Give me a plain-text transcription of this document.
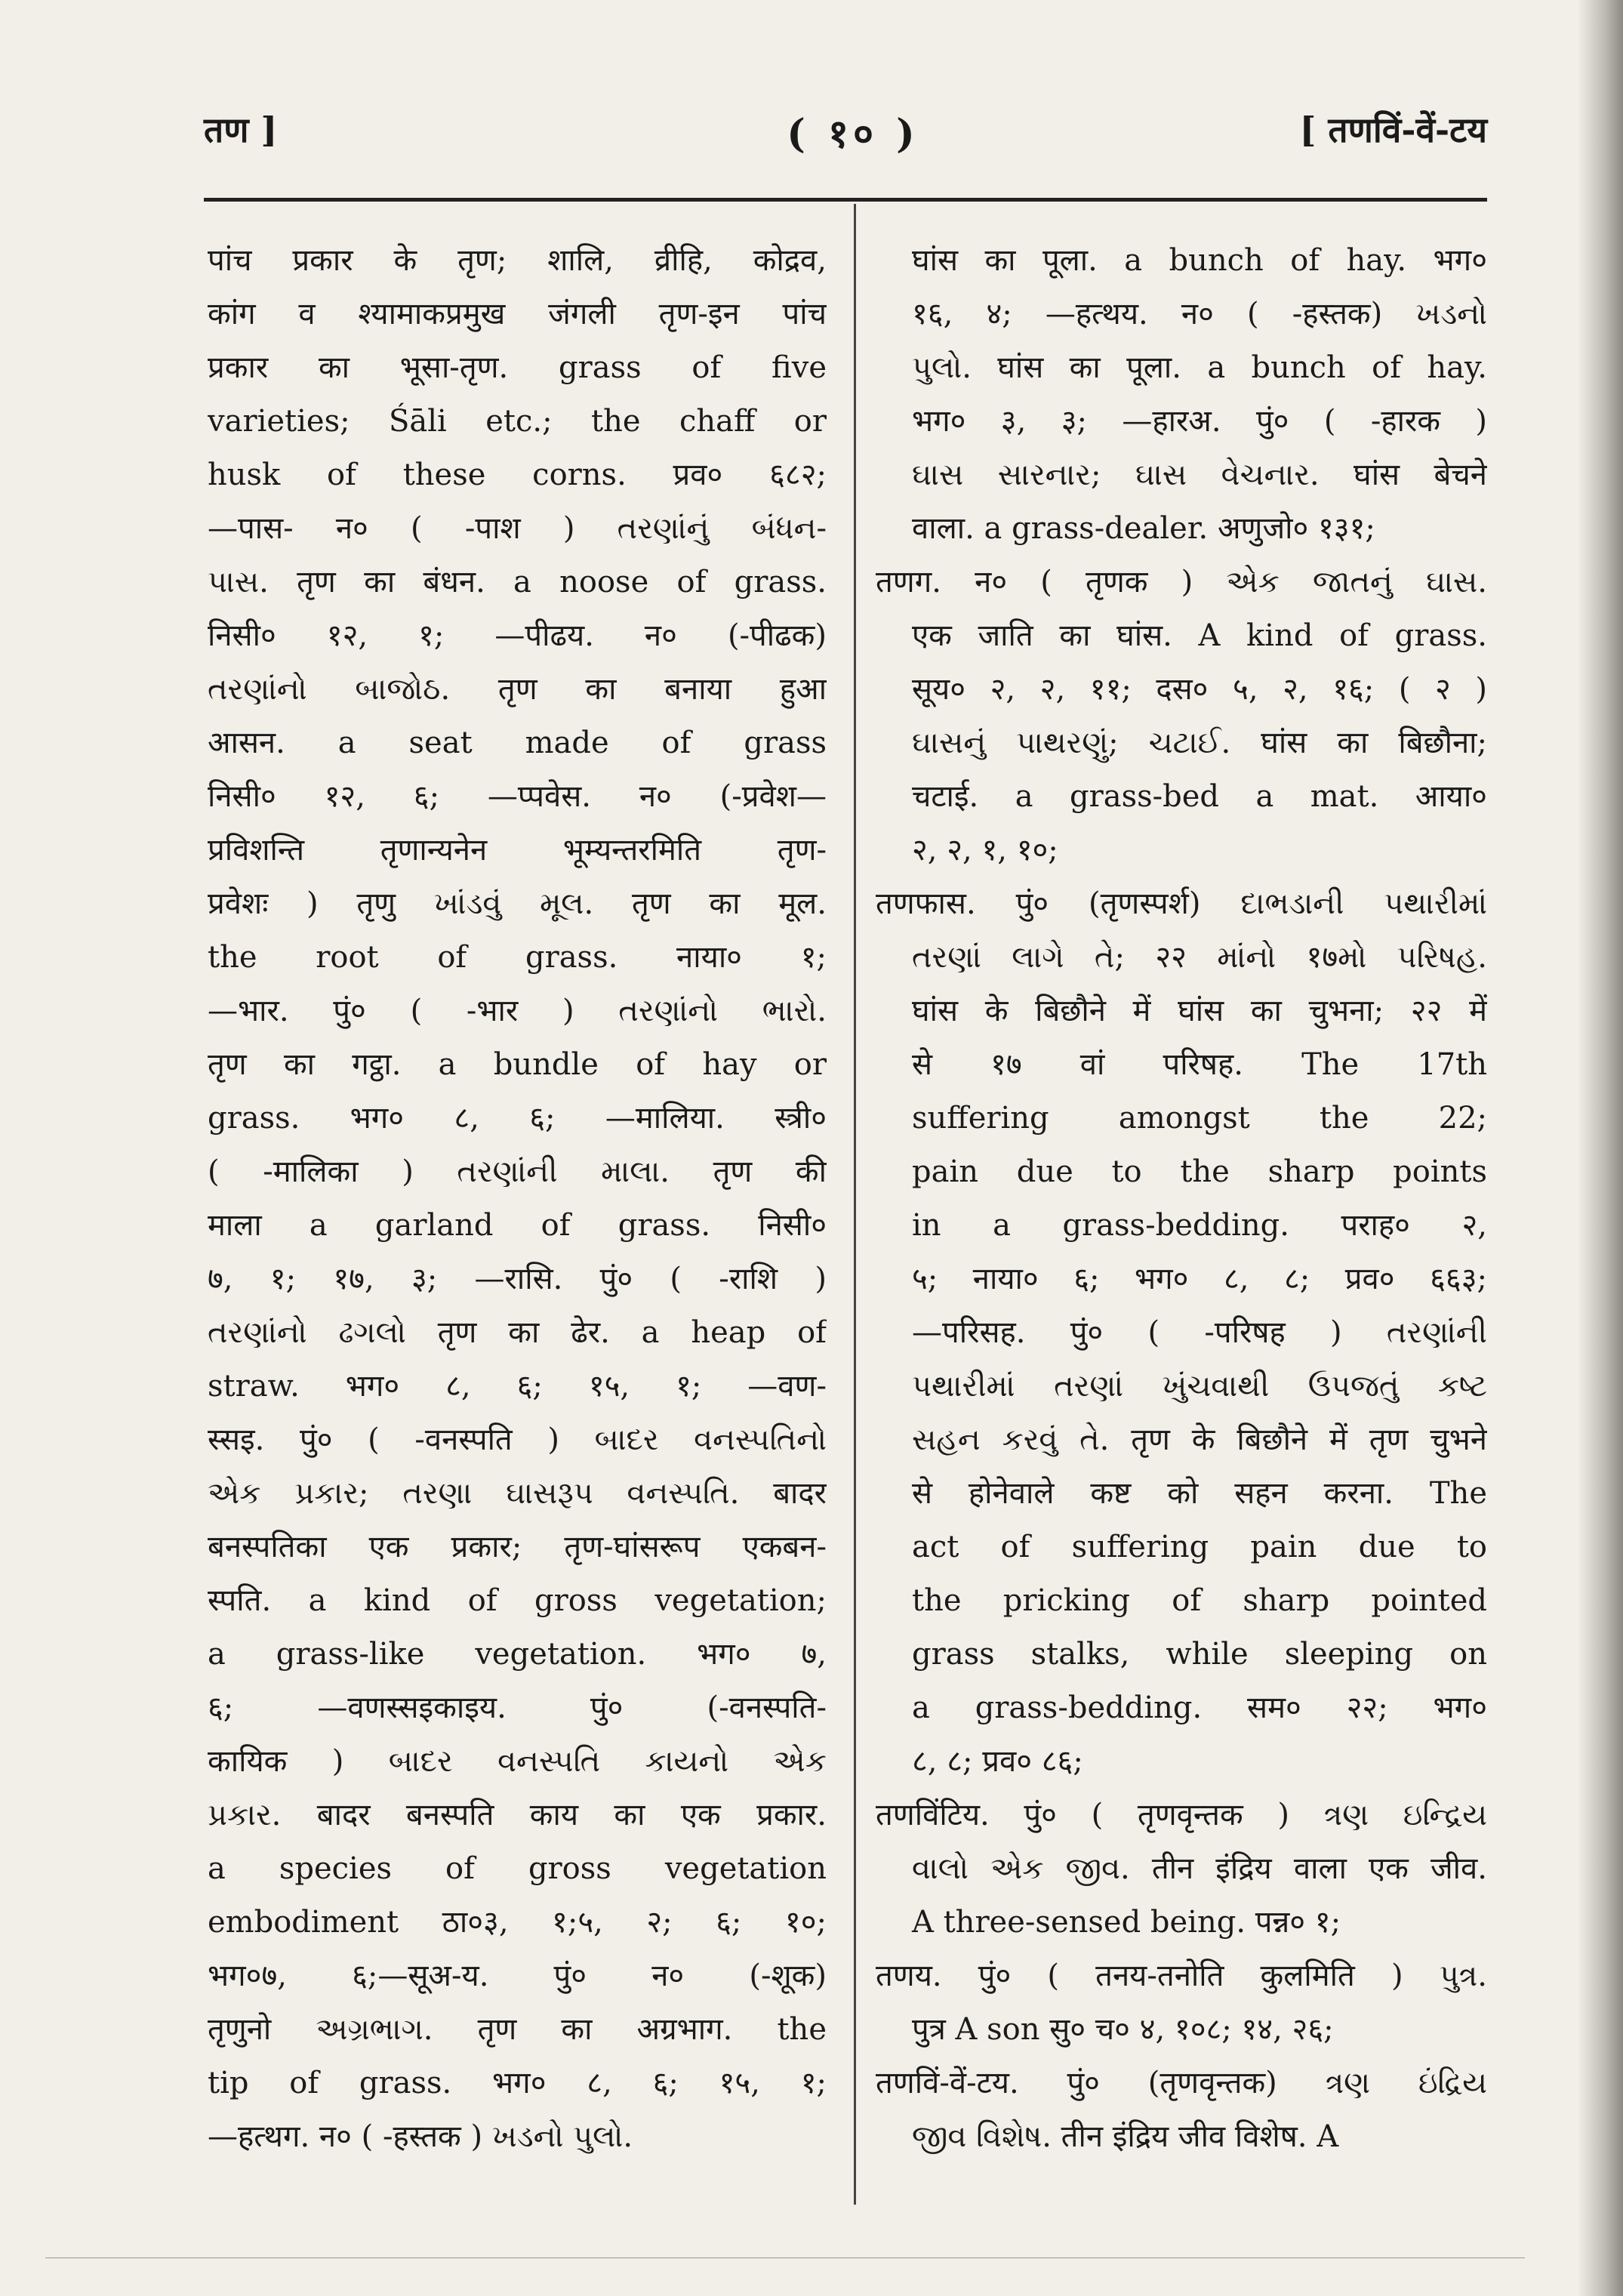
तण ]	( १० )	[ तणविं-वें-टय
पांच प्रकार के तृण; शालि, व्रीहि, कोद्रव,
कांग व श्यामाकप्रमुख जंगली तृण-इन पांच
प्रकार का भूसा-तृण. grass of five
varieties; Śāli etc.; the chaff or
husk of these corns. प्रव० ६८२;
—पास- न० ( -पाश ) તરણાંનું બંધન-
પાસ. तृण का बंधन. a noose of grass.
निसी० १२, १; —पीढय. न० (-पीढक)
તરણાંનો બાજોઠ. तृण का बनाया हुआ
आसन. a seat made of grass
निसी० १२, ६; —प्पवेस. न० (-प्रवेश—
प्रविशन्ति तृणान्यनेन भूम्यन्तरमिति तृण-
प्रवेशः ) तृणु ખાંડવું મૂલ. तृण का मूल.
the root of grass. नाया० १;
—भार. पुं० ( -भार ) તરણાંનો ભારો.
तृण का गट्ठा. a bundle of hay or
grass. भग० ८, ६; —मालिया. स्त्री०
( -मालिका ) તરણાંની માલા. तृण की
माला a garland of grass. निसी०
७, १; १७, ३; —रासि. पुं० ( -राशि )
તરણાંનો ઢગલો तृण का ढेर. a heap of
straw. भग० ८, ६; १५, १; —वण-
स्सइ. पुं० ( -वनस्पति ) બાદર વનસ્પતિનો
એક પ્રકાર; તરણા ઘાસરૂપ વનસ્પતિ. बादर
बनस्पतिका एक प्रकार; तृण-घांसरूप एकबन-
स्पति. a kind of gross vegetation;
a grass-like vegetation. भग० ७,
६; —वणस्सइकाइय. पुं० (-वनस्पति-
कायिक ) બાદર વનસ્પતિ કાયનો એક
પ્રકાર. बादर बनस्पति काय का एक प्रकार.
a species of gross vegetation
embodiment ठा०३, १;५, २; ६; १०;
भग०७, ६;—सूअ-य. पुं० न० (-शूक)
तृणुनो અગ્રભાગ. तृण का अग्रभाग. the
tip of grass. भग० ८, ६; १५, १;
—हत्थग. न० ( -हस्तक ) ખડનો પુલો.
घांस का पूला. a bunch of hay. भग०
१६, ४; —हत्थय. न० ( -हस्तक) ખડનો
પુલો. घांस का पूला. a bunch of hay.
भग० ३, ३; —हारअ. पुं० ( -हारक )
ઘાસ સારનાર; ઘાસ વેચનાર. घांस बेचने
वाला. a grass-dealer. अणुजो० १३१;
तणग. न० ( तृणक ) એક જાતનું ઘાસ.
एक जाति का घांस. A kind of grass.
सूय० २, २, ११; दस० ५, २, १६; ( २ )
ઘાસનું પાથરણું; ચટાઈ. घांस का बिछौना;
चटाई. a grass-bed a mat. आया०
२, २, १, १०;
तणफास. पुं० (तृणस्पर्श) દાભડાની પથારીમાં
તરણાં લાગે તે; २२ માંનો १७મો પરિષહ.
घांस के बिछौने में घांस का चुभना; २२ में
से १७ वां परिषह. The 17th
suffering amongst the 22;
pain due to the sharp points
in a grass-bedding. पराह० २,
५; नाया० ६; भग० ८, ८; प्रव० ६६३;
—परिसह. पुं० ( -परिषह ) તરણાંની
પથારીમાં તરણાં ખુંચવાથી ઉપજતું કષ્ટ
સહન કરવું તે. तृण के बिछौने में तृण चुभने
से होनेवाले कष्ट को सहन करना. The
act of suffering pain due to
the pricking of sharp pointed
grass stalks, while sleeping on
a grass-bedding. सम० २२; भग०
८, ८; प्रव० ८६;
तणविंटिय. पुं० ( तृणवृन्तक ) ત્રણ ઇન્દ્રિય
વાલો એક જીવ. तीन इंद्रिय वाला एक जीव.
A three-sensed being. पन्न० १;
तणय. पुं० ( तनय-तनोति कुलमिति ) પુત્ર.
पुत्र A son सु० च० ४, १०८; १४, २६;
तणविं-वें-टय. पुं० (तृणवृन्तक) ત્રણ ઇંદ્રિય
જીવ વિશેષ. तीन इंद्रिय जीव विशेष. A
